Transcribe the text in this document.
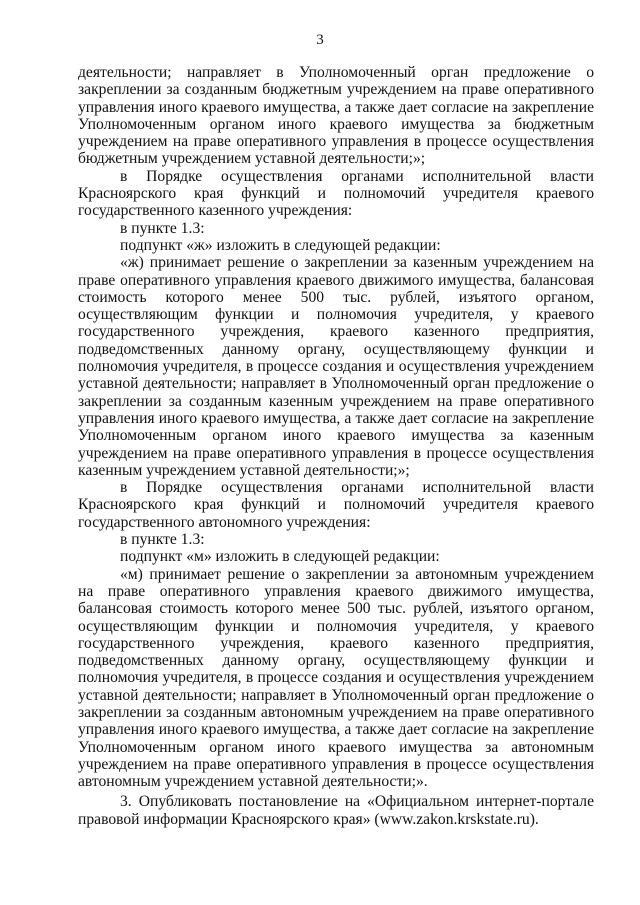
3

деятельности; направляет в Уполномоченный орган предложение о закреплении за созданным бюджетным учреждением на праве оперативного управления иного краевого имущества, а также дает согласие на закрепление Уполномоченным органом иного краевого имущества за бюджетным учреждением на праве оперативного управления в процессе осуществления бюджетным учреждением уставной деятельности;»;

в Порядке осуществления органами исполнительной власти Красноярского края функций и полномочий учредителя краевого государственного казенного учреждения:

в пункте 1.3:

подпункт «ж» изложить в следующей редакции:

«ж) принимает решение о закреплении за казенным учреждением на праве оперативного управления краевого движимого имущества, балансовая стоимость которого менее 500 тыс. рублей, изъятого органом, осуществляющим функции и полномочия учредителя, у краевого государственного учреждения, краевого казенного предприятия, подведомственных данному органу, осуществляющему функции и полномочия учредителя, в процессе создания и осуществления учреждением уставной деятельности; направляет в Уполномоченный орган предложение о закреплении за созданным казенным учреждением на праве оперативного управления иного краевого имущества, а также дает согласие на закрепление Уполномоченным органом иного краевого имущества за казенным учреждением на праве оперативного управления в процессе осуществления казенным учреждением уставной деятельности;»;

в Порядке осуществления органами исполнительной власти Красноярского края функций и полномочий учредителя краевого государственного автономного учреждения:

в пункте 1.3:

подпункт «м» изложить в следующей редакции:

«м) принимает решение о закреплении за автономным учреждением на праве оперативного управления краевого движимого имущества, балансовая стоимость которого менее 500 тыс. рублей, изъятого органом, осуществляющим функции и полномочия учредителя, у краевого государственного учреждения, краевого казенного предприятия, подведомственных данному органу, осуществляющему функции и полномочия учредителя, в процессе создания и осуществления учреждением уставной деятельности; направляет в Уполномоченный орган предложение о закреплении за созданным автономным учреждением на праве оперативного управления иного краевого имущества, а также дает согласие на закрепление Уполномоченным органом иного краевого имущества за автономным учреждением на праве оперативного управления в процессе осуществления автономным учреждением уставной деятельности;».

3. Опубликовать постановление на «Официальном интернет-портале правовой информации Красноярского края» (www.zakon.krskstate.ru).
